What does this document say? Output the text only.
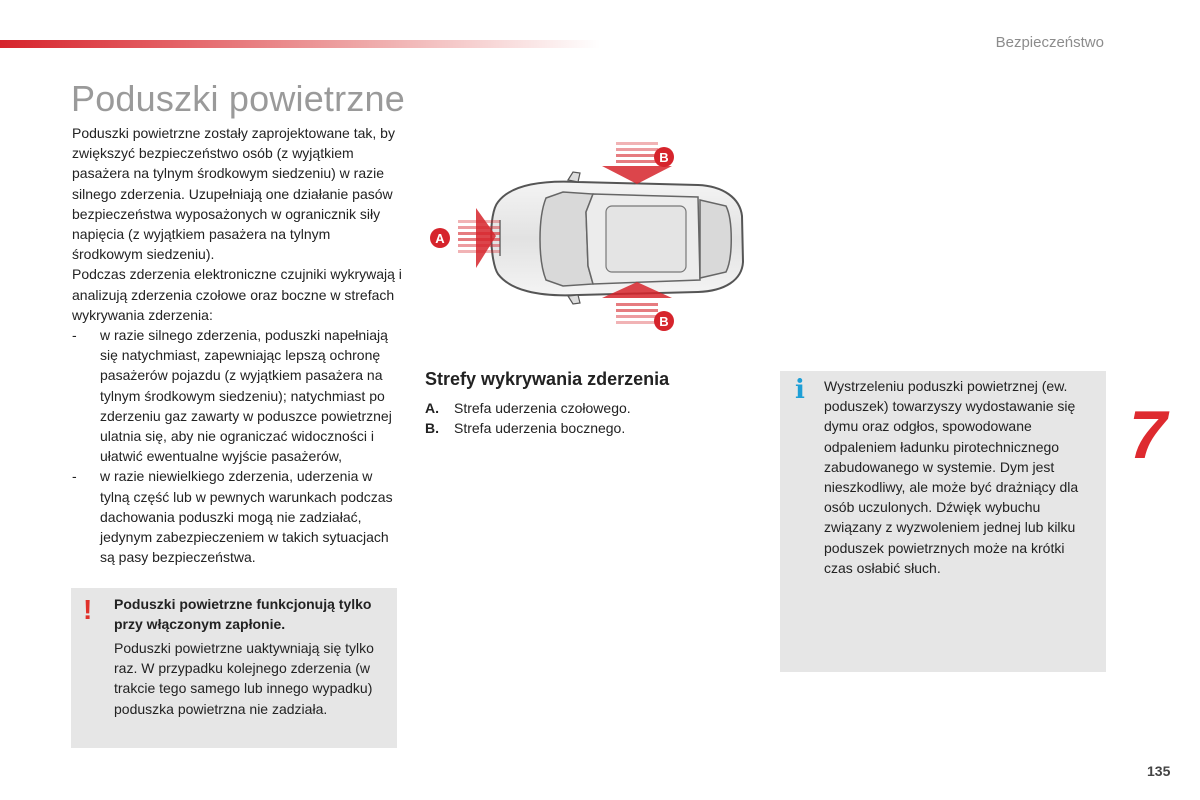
Bezpieczeństwo
Poduszki powietrzne

Poduszki powietrzne zostały zaprojektowane tak, by zwiększyć bezpieczeństwo osób (z wyjątkiem pasażera na tylnym środkowym siedzeniu) w razie silnego zderzenia. Uzupełniają one działanie pasów bezpieczeństwa wyposażonych w ogranicznik siły napięcia (z wyjątkiem pasażera na tylnym środkowym siedzeniu).

Podczas zderzenia elektroniczne czujniki wykrywają i analizują zderzenia czołowe oraz boczne w strefach wykrywania zderzenia:

- w razie silnego zderzenia, poduszki napełniają się natychmiast, zapewniając lepszą ochronę pasażerów pojazdu (z wyjątkiem pasażera na tylnym środkowym siedzeniu); natychmiast po zderzeniu gaz zawarty w poduszce powietrznej ulatnia się, aby nie ograniczać widoczności i ułatwić ewentualne wyjście pasażerów,
- w razie niewielkiego zderzenia, uderzenia w tylną część lub w pewnych warunkach podczas dachowania poduszki mogą nie zadziałać, jedynym zabezpieczeniem w takich sytuacjach są pasy bezpieczeństwa.
! Poduszki powietrzne funkcjonują tylko przy włączonym zapłonie.
Poduszki powietrzne uaktywniają się tylko raz. W przypadku kolejnego zderzenia (w trakcie tego samego lub innego wypadku) poduszka powietrzna nie zadziała.
A
B
B
Strefy wykrywania zderzenia
A. Strefa uderzenia czołowego.
B. Strefa uderzenia bocznego.
i Wystrzeleniu poduszki powietrznej (ew. poduszek) towarzyszy wydostawanie się dymu oraz odgłos, spowodowane odpaleniem ładunku pirotechnicznego zabudowanego w systemie. Dym jest nieszkodliwy, ale może być drażniący dla osób uczulonych. Dźwięk wybuchu związany z wyzwoleniem jednej lub kilku poduszek powietrznych może na krótki czas osłabić słuch.
7
135
